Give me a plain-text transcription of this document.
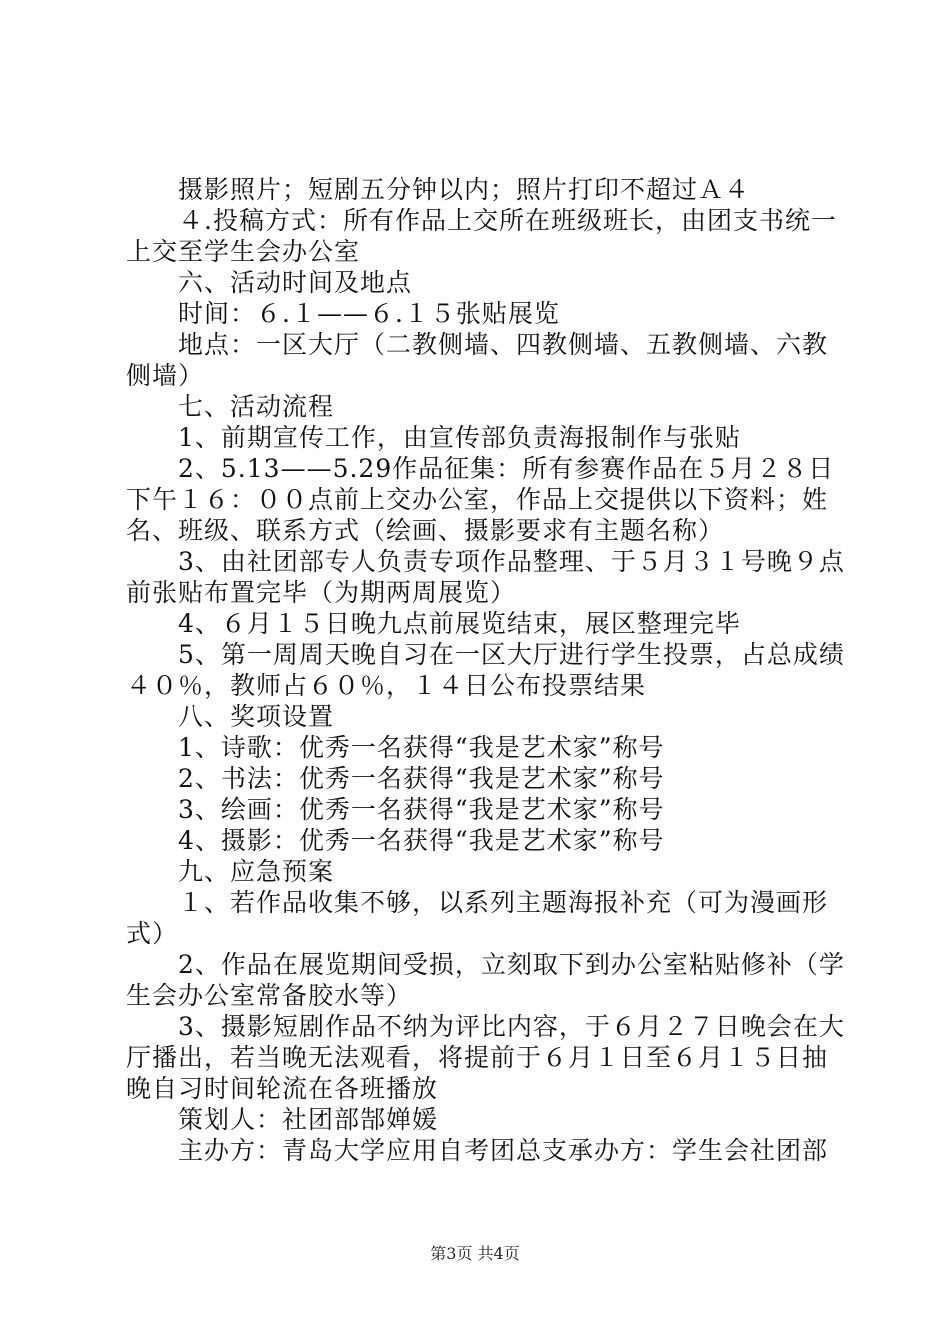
　　摄影照片；短剧五分钟以内；照片打印不超过Ａ４
　　４.投稿方式：所有作品上交所在班级班长，由团支书统一
上交至学生会办公室
　　六、活动时间及地点
　　时间：６.１——６.１５张贴展览
　　地点：一区大厅（二教侧墙、四教侧墙、五教侧墙、六教
侧墙）
　　七、活动流程
　　1、前期宣传工作，由宣传部负责海报制作与张贴
　　2、5.13——5.29作品征集：所有参赛作品在５月２８日
下午１６：００点前上交办公室，作品上交提供以下资料；姓
名、班级、联系方式（绘画、摄影要求有主题名称）
　　3、由社团部专人负责专项作品整理、于５月３１号晚９点
前张贴布置完毕（为期两周展览）
　　4、６月１５日晚九点前展览结束，展区整理完毕
　　5、第一周周天晚自习在一区大厅进行学生投票，占总成绩
４０％，教师占６０％，１４日公布投票结果
　　八、奖项设置
　　1、诗歌：优秀一名获得“我是艺术家”称号
　　2、书法：优秀一名获得“我是艺术家”称号
　　3、绘画：优秀一名获得“我是艺术家”称号
　　4、摄影：优秀一名获得“我是艺术家”称号
　　九、应急预案
　　１、若作品收集不够，以系列主题海报补充（可为漫画形
式）
　　2、作品在展览期间受损，立刻取下到办公室粘贴修补（学
生会办公室常备胶水等）
　　3、摄影短剧作品不纳为评比内容，于６月２７日晚会在大
厅播出，若当晚无法观看，将提前于６月１日至６月１５日抽
晚自习时间轮流在各班播放
　　策划人：社团部郜婵媛
　　主办方：青岛大学应用自考团总支承办方：学生会社团部
第3页 共4页
